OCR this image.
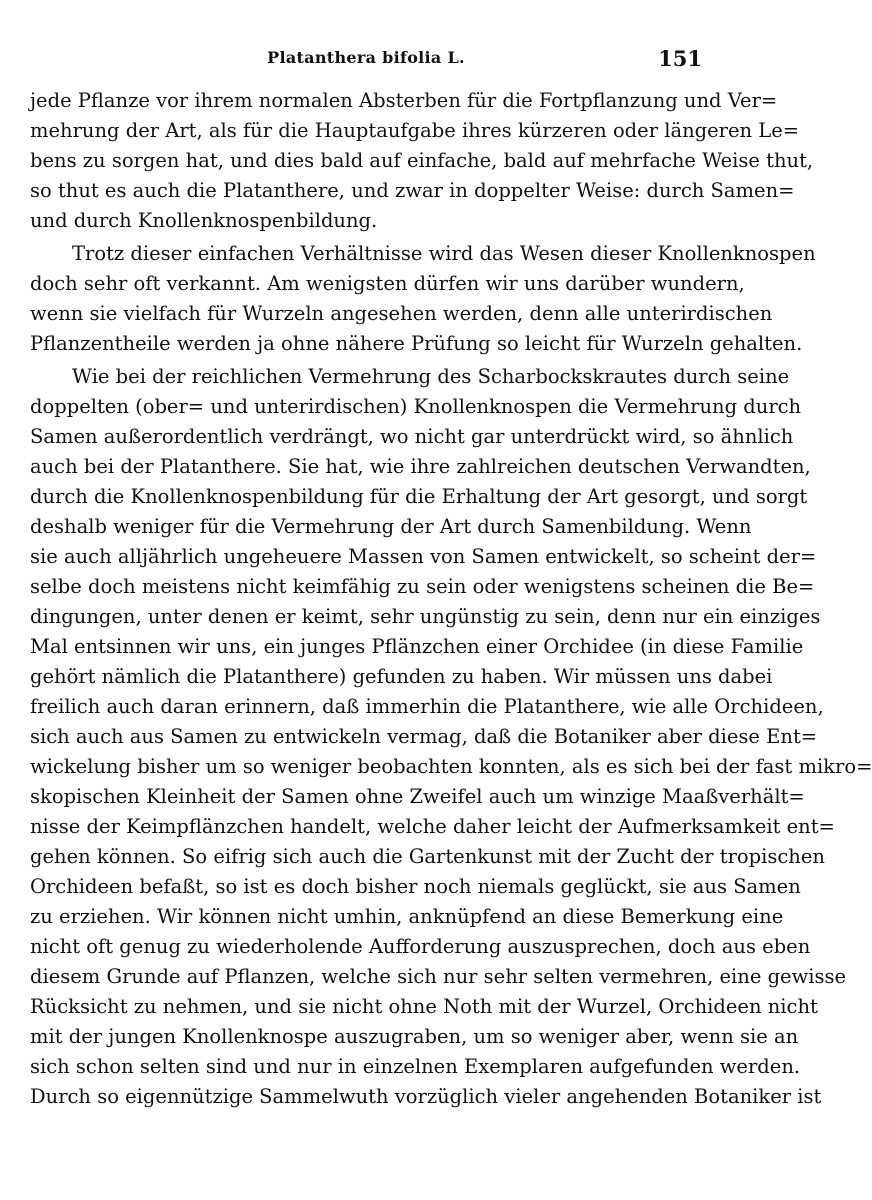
Platanthera bifolia L.	151
jede Pflanze vor ihrem normalen Absterben für die Fortpflanzung und Ver=
mehrung der Art, als für die Hauptaufgabe ihres kürzeren oder längeren Le=
bens zu sorgen hat, und dies bald auf einfache, bald auf mehrfache Weise thut,
so thut es auch die Platanthere, und zwar in doppelter Weise: durch Samen=
und durch Knollenknospenbildung.
Trotz dieser einfachen Verhältnisse wird das Wesen dieser Knollenknospen
doch sehr oft verkannt. Am wenigsten dürfen wir uns darüber wundern,
wenn sie vielfach für Wurzeln angesehen werden, denn alle unterirdischen
Pflanzentheile werden ja ohne nähere Prüfung so leicht für Wurzeln gehalten.
Wie bei der reichlichen Vermehrung des Scharbockskrautes durch seine
doppelten (ober= und unterirdischen) Knollenknospen die Vermehrung durch
Samen außerordentlich verdrängt, wo nicht gar unterdrückt wird, so ähnlich
auch bei der Platanthere. Sie hat, wie ihre zahlreichen deutschen Verwandten,
durch die Knollenknospenbildung für die Erhaltung der Art gesorgt, und sorgt
deshalb weniger für die Vermehrung der Art durch Samenbildung. Wenn
sie auch alljährlich ungeheuere Massen von Samen entwickelt, so scheint der=
selbe doch meistens nicht keimfähig zu sein oder wenigstens scheinen die Be=
dingungen, unter denen er keimt, sehr ungünstig zu sein, denn nur ein einziges
Mal entsinnen wir uns, ein junges Pflänzchen einer Orchidee (in diese Familie
gehört nämlich die Platanthere) gefunden zu haben. Wir müssen uns dabei
freilich auch daran erinnern, daß immerhin die Platanthere, wie alle Orchideen,
sich auch aus Samen zu entwickeln vermag, daß die Botaniker aber diese Ent=
wickelung bisher um so weniger beobachten konnten, als es sich bei der fast mikro=
skopischen Kleinheit der Samen ohne Zweifel auch um winzige Maaßverhält=
nisse der Keimpflänzchen handelt, welche daher leicht der Aufmerksamkeit ent=
gehen können. So eifrig sich auch die Gartenkunst mit der Zucht der tropischen
Orchideen befaßt, so ist es doch bisher noch niemals geglückt, sie aus Samen
zu erziehen. Wir können nicht umhin, anknüpfend an diese Bemerkung eine
nicht oft genug zu wiederholende Aufforderung auszusprechen, doch aus eben
diesem Grunde auf Pflanzen, welche sich nur sehr selten vermehren, eine gewisse
Rücksicht zu nehmen, und sie nicht ohne Noth mit der Wurzel, Orchideen nicht
mit der jungen Knollenknospe auszugraben, um so weniger aber, wenn sie an
sich schon selten sind und nur in einzelnen Exemplaren aufgefunden werden.
Durch so eigennützige Sammelwuth vorzüglich vieler angehenden Botaniker ist
